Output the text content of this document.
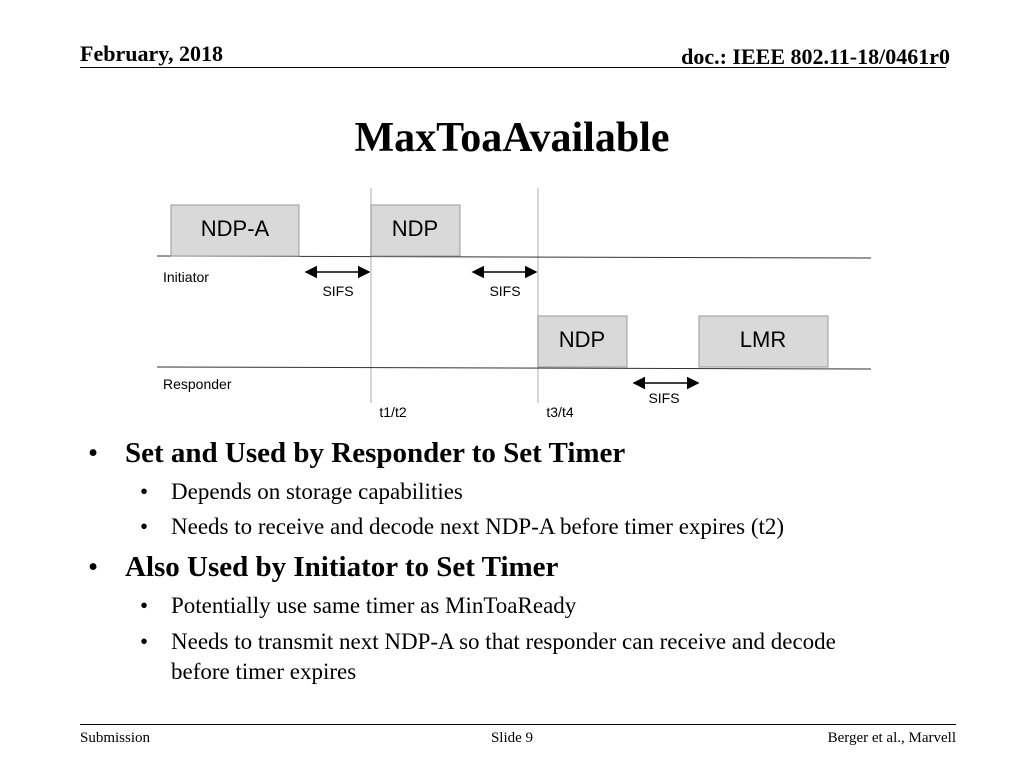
February, 2018	doc.: IEEE 802.11-18/0461r0
MaxToaAvailable
NDP-A	NDP
NDP	LMR
Initiator
Responder
SIFS	SIFS
SIFS
t1/t2	t3/t4
• Set and Used by Responder to Set Timer
• Depends on storage capabilities
• Needs to receive and decode next NDP-A before timer expires (t2)
• Also Used by Initiator to Set Timer
• Potentially use same timer as MinToaReady
• Needs to transmit next NDP-A so that responder can receive and decode before timer expires
Submission	Slide 9	Berger et al., Marvell
